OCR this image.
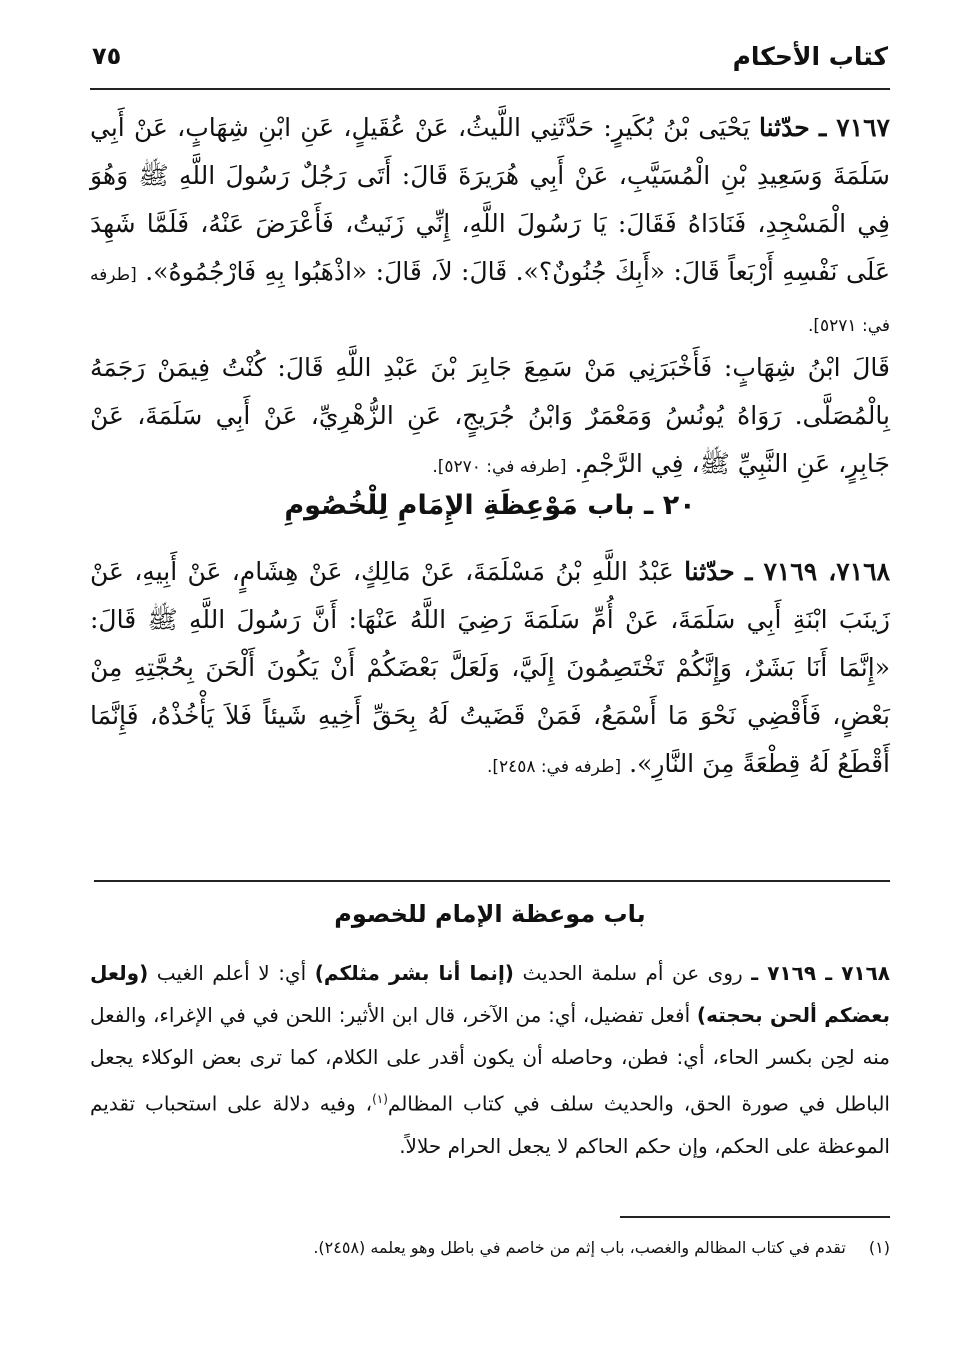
كتاب الأحكام
٧٥
٧١٦٧ ـ حدّثنا يَحْيَى بْنُ بُكَيرٍ: حَدَّثَنِي اللَّيثُ، عَنْ عُقَيلٍ، عَنِ ابْنِ شِهَابٍ، عَنْ أَبِي سَلَمَةَ وَسَعِيدِ بْنِ الْمُسَيَّبِ، عَنْ أَبِي هُرَيرَةَ قَالَ: أَتَى رَجُلٌ رَسُولَ اللَّهِ ﷺ وَهُوَ فِي الْمَسْجِدِ، فَنَادَاهُ فَقَالَ: يَا رَسُولَ اللَّهِ، إِنِّي زَنَيتُ، فَأَعْرَضَ عَنْهُ، فَلَمَّا شَهِدَ عَلَى نَفْسِهِ أَرْبَعاً قَالَ: «أَبِكَ جُنُونٌ؟». قَالَ: لاَ، قَالَ: «اذْهَبُوا بِهِ فَارْجُمُوهُ». [طرفه في: ٥٢٧١].
قَالَ ابْنُ شِهَابٍ: فَأَخْبَرَنِي مَنْ سَمِعَ جَابِرَ بْنَ عَبْدِ اللَّهِ قَالَ: كُنْتُ فِيمَنْ رَجَمَهُ بِالْمُصَلَّى. رَوَاهُ يُونُسُ وَمَعْمَرٌ وَابْنُ جُرَيجٍ، عَنِ الزُّهْرِيِّ، عَنْ أَبِي سَلَمَةَ، عَنْ جَابِرٍ، عَنِ النَّبِيِّ ﷺ، فِي الرَّجْمِ. [طرفه في: ٥٢٧٠].
٢٠ ـ باب مَوْعِظَةِ الإِمَامِ لِلْخُصُومِ
٧١٦٨، ٧١٦٩ ـ حدّثنا عَبْدُ اللَّهِ بْنُ مَسْلَمَةَ، عَنْ مَالِكٍ، عَنْ هِشَامٍ، عَنْ أَبِيهِ، عَنْ زَينَبَ ابْنَةِ أَبِي سَلَمَةَ، عَنْ أُمِّ سَلَمَةَ رَضِيَ اللَّهُ عَنْهَا: أَنَّ رَسُولَ اللَّهِ ﷺ قَالَ: «إِنَّمَا أَنَا بَشَرٌ، وَإِنَّكُمْ تَخْتَصِمُونَ إِلَيَّ، وَلَعَلَّ بَعْضَكُمْ أَنْ يَكُونَ أَلْحَنَ بِحُجَّتِهِ مِنْ بَعْضٍ، فَأَقْضِي نَحْوَ مَا أَسْمَعُ، فَمَنْ قَضَيتُ لَهُ بِحَقِّ أَخِيهِ شَيئاً فَلاَ يَأْخُذْهُ، فَإِنَّمَا أَقْطَعُ لَهُ قِطْعَةً مِنَ النَّارِ». [طرفه في: ٢٤٥٨].
باب موعظة الإمام للخصوم
٧١٦٨ ـ ٧١٦٩ ـ روى عن أم سلمة الحديث (إنما أنا بشر مثلكم) أي: لا أعلم الغيب (ولعل بعضكم ألحن بحجته) أفعل تفضيل، أي: من الآخر، قال ابن الأثير: اللحن في في الإغراء، والفعل منه لحِن بكسر الحاء، أي: فطن، وحاصله أن يكون أقدر على الكلام، كما ترى بعض الوكلاء يجعل الباطل في صورة الحق، والحديث سلف في كتاب المظالم$^{(١)}$، وفيه دلالة على استحباب تقديم الموعظة على الحكم، وإن حكم الحاكم لا يجعل الحرام حلالاً.
(١) تقدم في كتاب المظالم والغصب، باب إثم من خاصم في باطل وهو يعلمه (٢٤٥٨).
